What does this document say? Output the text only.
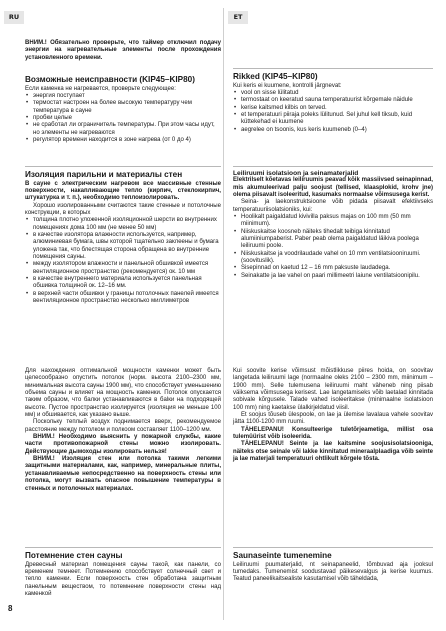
RU	ET
ВНИМ.! Обязательно проверьте, что таймер отключил подачу энергии на нагревательные элементы после прохождения установленного времени.
Возможные неисправности (KIP45–KIP80)
Если каменка не нагревается, проверьте следующее:
• энергия поступает
• термостат настроен на более высокую температуру чем температура в сауне
• пробки целые
• не сработал ли ограничитель температуры. При этом часы идут, но элементы не нагреваются
• регулятор времени находится в зоне нагрева (от 0 до 4)
Изоляция парильни и материалы стен
В сауне с электрическим нагревом все массивные стенные поверхности, накапливающие тепло (кирпич, стеклокирпич, штукатурка и т. п.), необходимо теплоизолировать.
Хорошо изолированными считаются такие стенные и потолочные конструкции, в которых
• толщина плотно уложенной изоляционной шерсти во внутренних помещениях дома 100 мм (не менее 50 мм)
• в качестве изолятора влажности используется, например, алюминиевая бумага, швы которой тщательно заклеены и бумага уложена так, что блестящая сторона обращена во внутренние помещения сауны.
• между изолятором влажности и панельной обшивкой имеется вентиляционное пространство (рекомендуется) ок. 10 мм
• в качестве внутреннего материала используется панельная обшивка толщиной ок. 12–16 мм.
• в верхней части обшивки у границы потолочных панелей имеется вентиляционное пространство несколько миллиметров
Для нахождения оптимальной мощности каменки может быть целесообразно опустить потолок (норм. высота 2100–2300 мм, минимальная высота сауны 1900 мм), что способствует уменьшению объема сауны и влияет на мощность каменки. Потолок опускается таким образом, что балки устанавливаются в бalки на подходящей высоте. Пустое пространство изолируется (изоляция не меньше 100 мм) и обшивается, как указано выше.
Поскольку теплый воздух поднимается вверх, рекомендуемое расстояние между потолком и полкоом составляет 1100–1200 мм.
ВНИМ.! Необходимо выяснить у пожарной службы, какие части противопожарной стены можно изолировать. Действующие дымоходы изолировать нельзя!
ВНИМ.! Изоляция стен или потолка такими легкими защитными материалами, как, например, минеральные плиты, устанавливаемые непосредственно на поверхность стены или потолка, могут вызвать опасное повышение температуры в стенных и потолочных материалах.
Потемнение стен сауны
Древесный материал помещения сауны такой, как панели, со временем темнеет. Потемнению способствует солнечный свет и тепло каменки. Если поверхность стен обработана защитным панельным веществом, то потемнение поверхности стены над каменкой
Rikked (KIP45–KIP80)
Kui keris ei kuumene, kontrolli järgnevat:
• vool on sisse lülitatud
• termostaat on keeratud sauna temperatuurist kõrgemale näidule
• kerise kaitsmed kilbis on terved.
• et temperatuuri piiraja poleks lülitunud. Sel juhul kell tiksub, kuid küttekehad ei kuumene
• aegrelee on tsoonis, kus keris kuumeneb (0–4)
Leiliruumi isolatsioon ja seinamaterjalid
Elektrilselt kõetavas leiliruumis peavad kõik massiivsed seinapinnad, mis akumuleerivad palju soojust (tellised, klaasplokid, krohv jne) olema piisavalt isoleeritud, kasumaks normaalse võimsusega kerist.
Seina- ja laekonstruktsioone võib pidada piisavalt efektiivseks temperatuuriisolatsioniks, kui:
• Hoolikalt paigaldatud kivivilla paksus majas on 100 mm (50 mm miinimum).
• Niiskuskaitse koosneb näiteks tihedalt teibiga kinnitatud alumiiniumpaberist. Paber peab olema paigaldatud läikiva poolega leiliruumi poole.
• Niiskuskaitse ja voodrilaudade vahel on 10 mm ventilatsiooniruumi. (soovituslik).
• Sisepinnad on kaetud 12 – 16 mm paksuste laudadega.
• Seinakatte ja lae vahel on paari millimeetri laiune ventilatsioonipilu.
Kui soovite kerise võimsust mõistlikkuse piires hoida, on soovitav langetada leiliruumi lage (normaalne oleks 2100 – 2300 mm, miinimum – 1900 mm). Selle tulemusena leiliruumi maht väheneb ning piisab väiksema võimsusega kerisest. Lae langetamiseks võib laetalad kinnitada sobivale kõrgusele. Talade vahed isoleeritakse (minimaalne isolatsioon 100 mm) ning kaetakse ülalkirjeldatud viisil.
Et soojus tõuseb ülespoole, on lae ja ülemise lavalaua vahele soovitav jätta 1100-1200 mm ruumi.
TÄHELEPANU! Konsulteerige tuletõrjeametiga, millist osa tulemüürist võib isoleerida.
TÄHELEPANU! Seinte ja lae kaitsmine soojusisolatsiooniga, näiteks otse seinale või lakke kinnitatud mineraalplaadiga võib seinte ja lae materjali temperatuuri ohtlikult kõrgele tõsta.
Saunaseinte tumenemine
Leiliruumi puumaterjalid, nt seinapaneelid, tõmbuvad aja jooksul tumedaks. Tumenemist soodustavad päikesevalgus ja kerise kuumus. Teatud paneelikaitsealiste kasutamisel võib täheldada,
8
